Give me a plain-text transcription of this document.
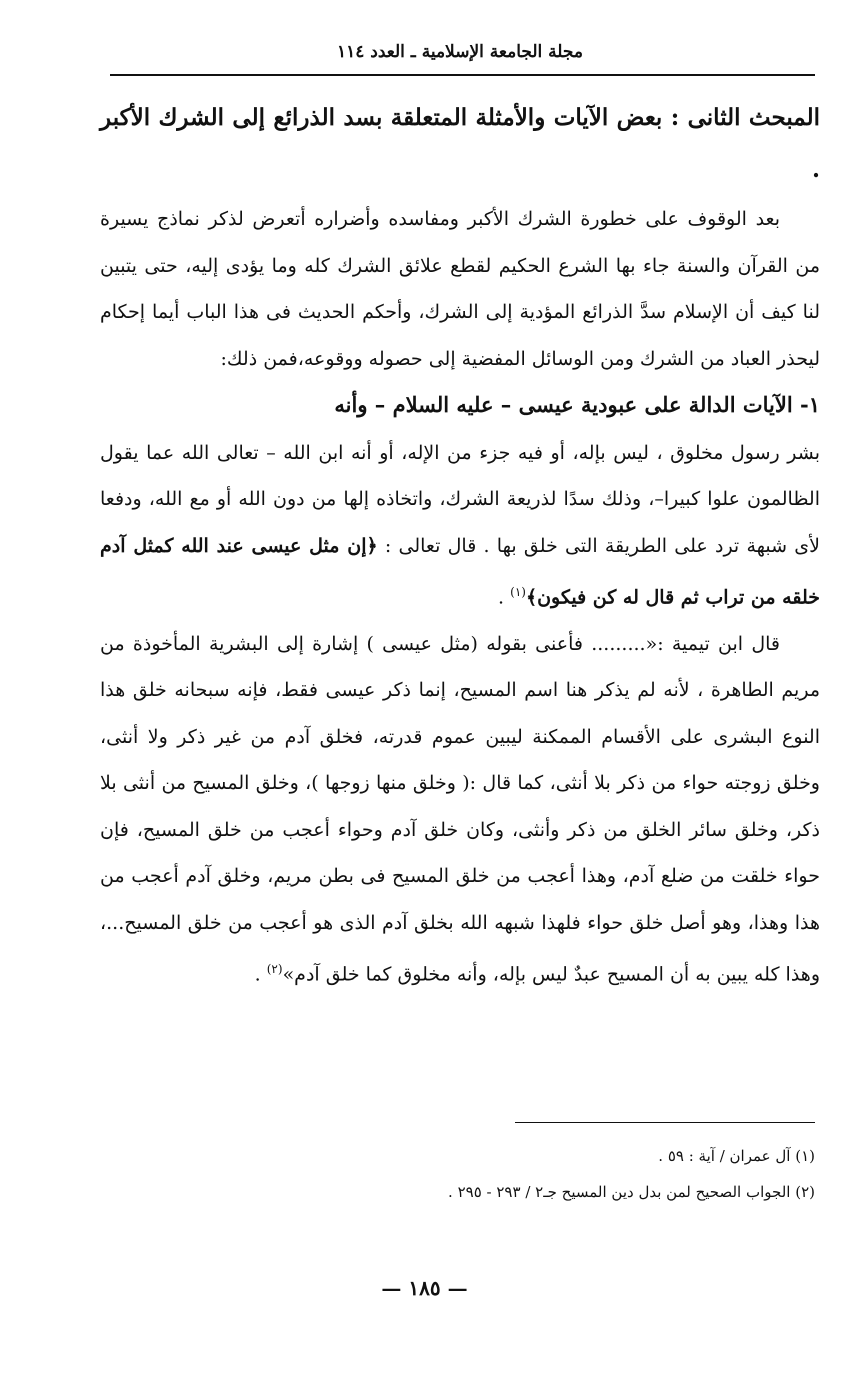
مجلة الجامعة الإسلامية ـ العدد ١١٤

المبحث الثانى : بعض الآيات والأمثلة المتعلقة بسد الذرائع إلى الشرك الأكبر .

بعد الوقوف على خطورة الشرك الأكبر ومفاسده وأضراره أتعرض لذكر نماذج يسيرة من القرآن والسنة جاء بها الشرع الحكيم لقطع علائق الشرك كله وما يؤدى إليه، حتى يتبين لنا كيف أن الإسلام سدَّ الذرائع المؤدية إلى الشرك، وأحكم الحديث فى هذا الباب أيما إحكام ليحذر العباد من الشرك ومن الوسائل المفضية إلى حصوله ووقوعه،فمن ذلك:

١- الآيات الدالة على عبودية عيسى – عليه السلام – وأنه

بشر رسول مخلوق ، ليس بإله، أو فيه جزء من الإله، أو أنه ابن الله – تعالى الله عما يقول الظالمون علوا كبيرا–، وذلك سدًا لذريعة الشرك، واتخاذه إلها من دون الله أو مع الله، ودفعا لأى شبهة ترد على الطريقة التى خلق بها . قال تعالى : ﴿إن مثل عيسى عند الله كمثل آدم خلقه من تراب ثم قال له كن فيكون﴾$^{(١)}$ .

قال ابن تيمية :«......... فأعنى بقوله (مثل عيسى ) إشارة إلى البشرية المأخوذة من مريم الطاهرة ، لأنه لم يذكر هنا اسم المسيح، إنما ذكر عيسى فقط، فإنه سبحانه خلق هذا النوع البشرى على الأقسام الممكنة ليبين عموم قدرته، فخلق آدم من غير ذكر ولا أنثى، وخلق زوجته حواء من ذكر بلا أنثى، كما قال :( وخلق منها زوجها )، وخلق المسيح من أنثى بلا ذكر، وخلق سائر الخلق من ذكر وأنثى، وكان خلق آدم وحواء أعجب من خلق المسيح، فإن حواء خلقت من ضلع آدم، وهذا أعجب من خلق المسيح فى بطن مريم، وخلق آدم أعجب من هذا وهذا، وهو أصل خلق حواء فلهذا شبهه الله بخلق آدم الذى هو أعجب من خلق المسيح...، وهذا كله يبين به أن المسيح عبدٌ ليس بإله، وأنه مخلوق كما خلق آدم»$^{(٢)}$ .

(١) آل عمران / آية : ٥٩ .

(٢) الجواب الصحيح لمن بدل دين المسيح جـ٢ / ٢٩٣ - ٢٩٥ .

— ١٨٥ —
